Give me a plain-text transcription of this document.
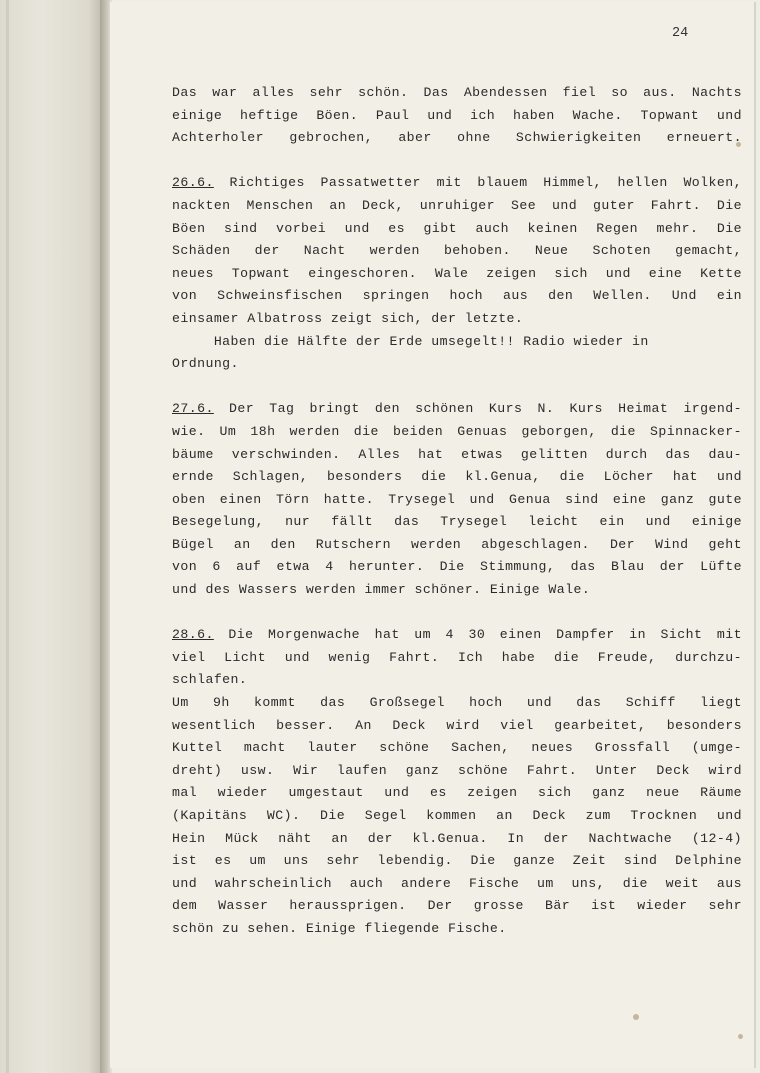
24
Das war alles sehr schön. Das Abendessen fiel so aus. Nachts
einige heftige Böen. Paul und ich haben Wache. Topwant und
Achterholer gebrochen, aber ohne Schwierigkeiten erneuert.
26.6. Richtiges Passatwetter mit blauem Himmel, hellen Wolken,
nackten Menschen an Deck, unruhiger See und guter Fahrt. Die
Böen sind vorbei und es gibt auch keinen Regen mehr. Die
Schäden der Nacht werden behoben. Neue Schoten gemacht,
neues Topwant eingeschoren. Wale zeigen sich und eine Kette
von Schweinsfischen springen hoch aus den Wellen. Und ein
einsamer Albatross zeigt sich, der letzte.
Haben die Hälfte der Erde umsegelt!! Radio wieder in
Ordnung.
27.6. Der Tag bringt den schönen Kurs N. Kurs Heimat irgend-
wie. Um 18h werden die beiden Genuas geborgen, die Spinnacker-
bäume verschwinden. Alles hat etwas gelitten durch das dau-
ernde Schlagen, besonders die kl.Genua, die Löcher hat und
oben einen Törn hatte. Trysegel und Genua sind eine ganz gute
Besegelung, nur fällt das Trysegel leicht ein und einige
Bügel an den Rutschern werden abgeschlagen. Der Wind geht
von 6 auf etwa 4 herunter. Die Stimmung, das Blau der Lüfte
und des Wassers werden immer schöner. Einige Wale.
28.6. Die Morgenwache hat um 4 30 einen Dampfer in Sicht mit
viel Licht und wenig Fahrt. Ich habe die Freude, durchzu-
schlafen.
Um 9h kommt das Großsegel hoch und das Schiff liegt
wesentlich besser. An Deck wird viel gearbeitet, besonders
Kuttel macht lauter schöne Sachen, neues Grossfall (umge-
dreht) usw. Wir laufen ganz schöne Fahrt. Unter Deck wird
mal wieder umgestaut und es zeigen sich ganz neue Räume
(Kapitäns WC). Die Segel kommen an Deck zum Trocknen und
Hein Mück näht an der kl.Genua. In der Nachtwache (12-4)
ist es um uns sehr lebendig. Die ganze Zeit sind Delphine
und wahrscheinlich auch andere Fische um uns, die weit aus
dem Wasser heraussprigen. Der grosse Bär ist wieder sehr
schön zu sehen. Einige fliegende Fische.
